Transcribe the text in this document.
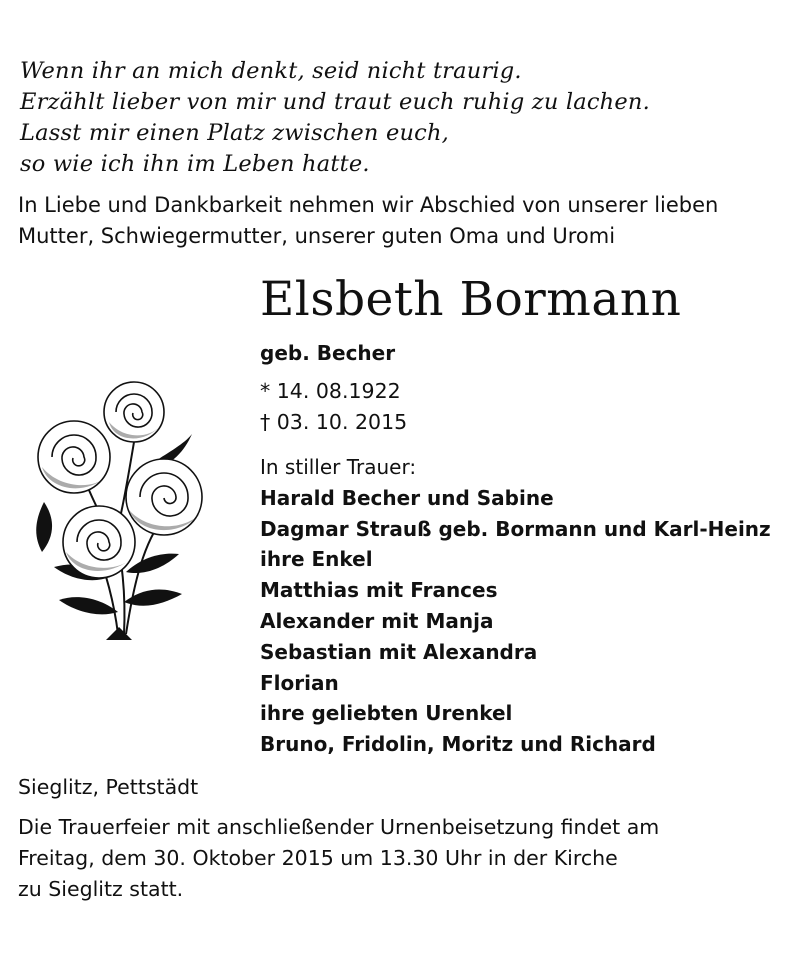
Wenn ihr an mich denkt, seid nicht traurig.
Erzählt lieber von mir und traut euch ruhig zu lachen.
Lasst mir einen Platz zwischen euch,
so wie ich ihn im Leben hatte.
In Liebe und Dankbarkeit nehmen wir Abschied von unserer lieben
Mutter, Schwiegermutter, unserer guten Oma und Uromi
Elsbeth Bormann
geb. Becher
* 14. 08.1922
† 03. 10. 2015
In stiller Trauer:
Harald Becher und Sabine
Dagmar Strauß geb. Bormann und Karl-Heinz
ihre Enkel
Matthias mit Frances
Alexander mit Manja
Sebastian mit Alexandra
Florian
ihre geliebten Urenkel
Bruno, Fridolin, Moritz und Richard
Sieglitz, Pettstädt
Die Trauerfeier mit anschließender Urnenbeisetzung findet am
Freitag, dem 30. Oktober 2015 um 13.30 Uhr in der Kirche
zu Sieglitz statt.
